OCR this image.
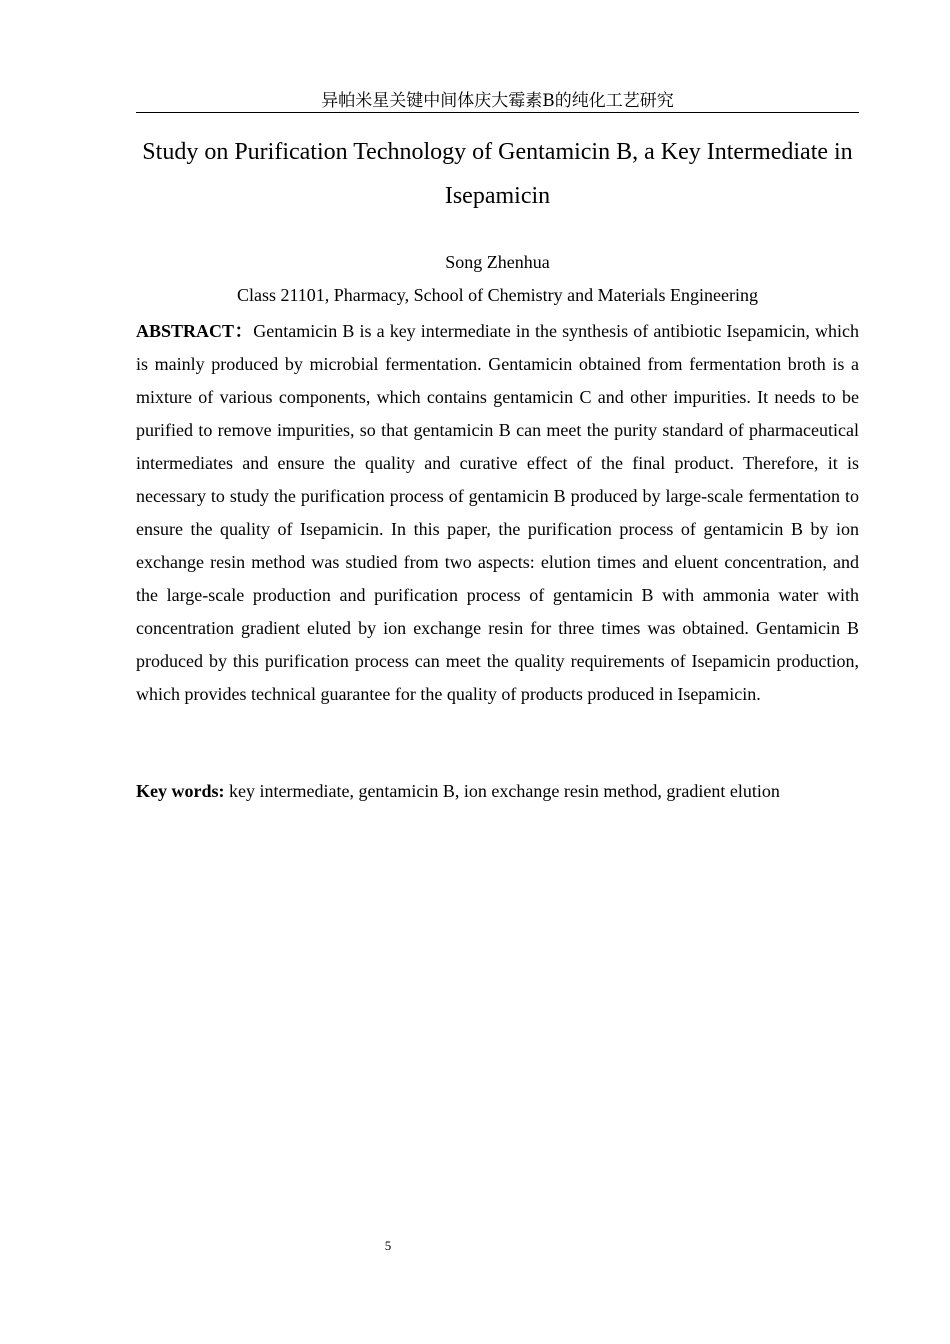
异帕米星关键中间体庆大霉素B的纯化工艺研究
Study on Purification Technology of Gentamicin B, a Key Intermediate in Isepamicin
Song Zhenhua
Class 21101, Pharmacy, School of Chemistry and Materials Engineering
ABSTRACT：Gentamicin B is a key intermediate in the synthesis of antibiotic Isepamicin, which is mainly produced by microbial fermentation. Gentamicin obtained from fermentation broth is a mixture of various components, which contains gentamicin C and other impurities. It needs to be purified to remove impurities, so that gentamicin B can meet the purity standard of pharmaceutical intermediates and ensure the quality and curative effect of the final product. Therefore, it is necessary to study the purification process of gentamicin B produced by large-scale fermentation to ensure the quality of Isepamicin. In this paper, the purification process of gentamicin B by ion exchange resin method was studied from two aspects: elution times and eluent concentration, and the large-scale production and purification process of gentamicin B with ammonia water with concentration gradient eluted by ion exchange resin for three times was obtained. Gentamicin B produced by this purification process can meet the quality requirements of Isepamicin production, which provides technical guarantee for the quality of products produced in Isepamicin.
Key words: key intermediate, gentamicin B, ion exchange resin method, gradient elution
5
